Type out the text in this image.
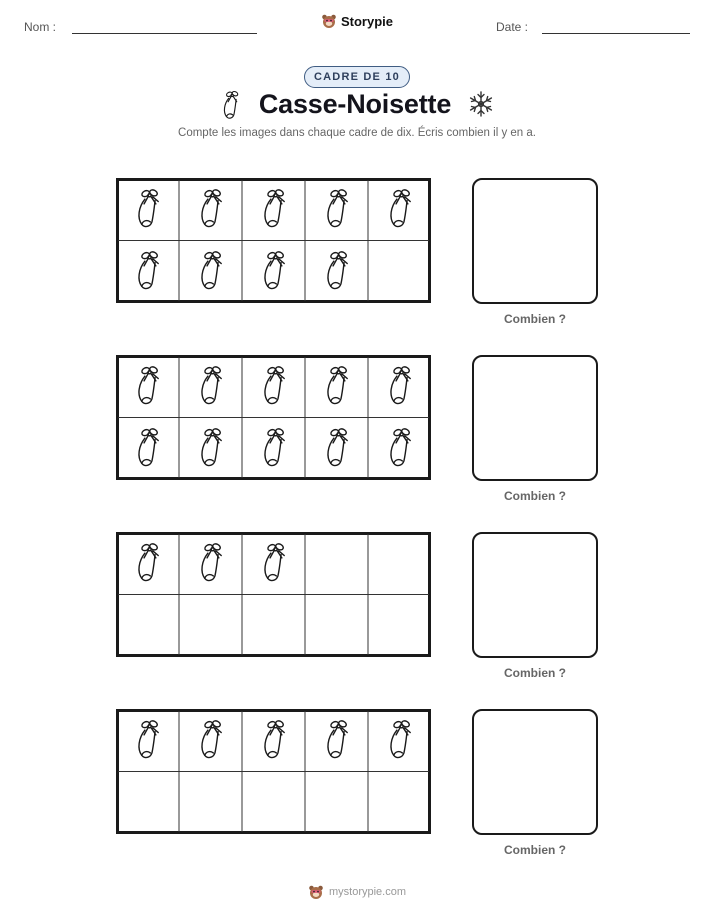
Nom :	Storypie	Date :
CADRE DE 10
Casse-Noisette
Compte les images dans chaque cadre de dix. Écris combien il y en a.
Combien ?
Combien ?
Combien ?
Combien ?
mystorypie.com
